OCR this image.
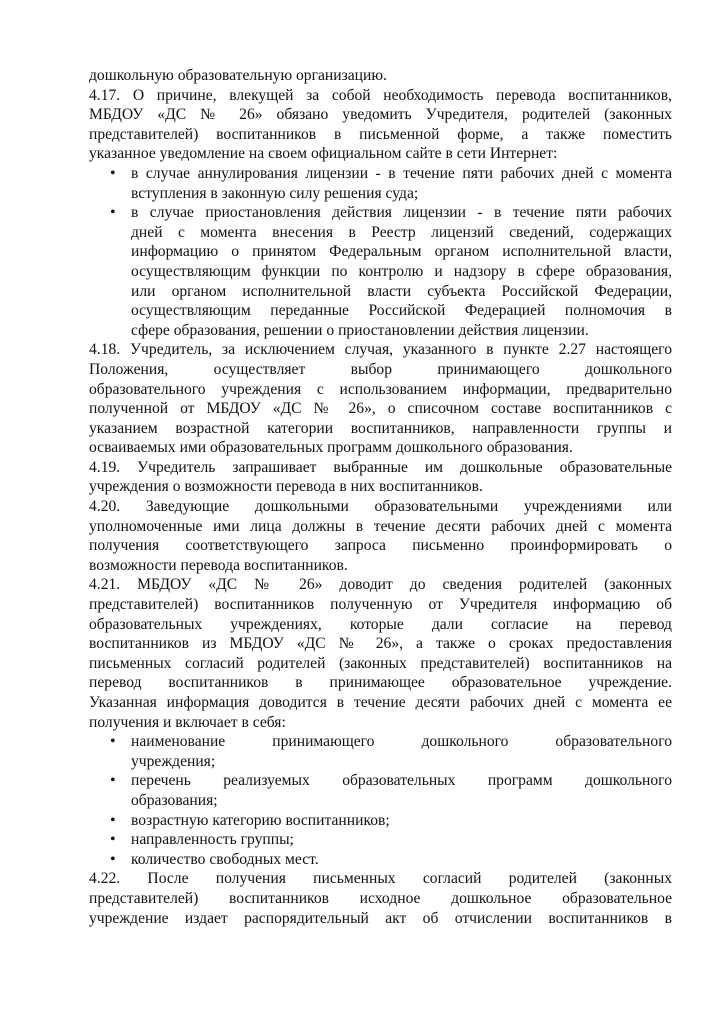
дошкольную образовательную организацию.

4.17. О причине, влекущей за собой необходимость перевода воспитанников,

МБДОУ «ДС № 26» обязано уведомить Учредителя, родителей (законных

представителей) воспитанников в письменной форме, а также поместить

указанное уведомление на своем официальном сайте в сети Интернет:

• в случае аннулирования лицензии - в течение пяти рабочих дней с момента

вступления в законную силу решения суда;

• в случае приостановления действия лицензии - в течение пяти рабочих

дней с момента внесения в Реестр лицензий сведений, содержащих

информацию о принятом Федеральным органом исполнительной власти,

осуществляющим функции по контролю и надзору в сфере образования,

или органом исполнительной власти субъекта Российской Федерации,

осуществляющим переданные Российской Федерацией полномочия в

сфере образования, решении о приостановлении действия лицензии.

4.18. Учредитель, за исключением случая, указанного в пункте 2.27 настоящего

Положения, осуществляет выбор принимающего дошкольного

образовательного учреждения с использованием информации, предварительно

полученной от МБДОУ «ДС № 26», о списочном составе воспитанников с

указанием возрастной категории воспитанников, направленности группы и

осваиваемых ими образовательных программ дошкольного образования.

4.19. Учредитель запрашивает выбранные им дошкольные образовательные

учреждения о возможности перевода в них воспитанников.

4.20. Заведующие дошкольными образовательными учреждениями или

уполномоченные ими лица должны в течение десяти рабочих дней с момента

получения соответствующего запроса письменно проинформировать о

возможности перевода воспитанников.

4.21. МБДОУ «ДС № 26» доводит до сведения родителей (законных

представителей) воспитанников полученную от Учредителя информацию об

образовательных учреждениях, которые дали согласие на перевод

воспитанников из МБДОУ «ДС № 26», а также о сроках предоставления

письменных согласий родителей (законных представителей) воспитанников на

перевод воспитанников в принимающее образовательное учреждение.

Указанная информация доводится в течение десяти рабочих дней с момента ее

получения и включает в себя:

• наименование принимающего дошкольного образовательного

учреждения;

• перечень реализуемых образовательных программ дошкольного

образования;

• возрастную категорию воспитанников;

• направленность группы;

• количество свободных мест.

4.22. После получения письменных согласий родителей (законных

представителей) воспитанников исходное дошкольное образовательное

учреждение издает распорядительный акт об отчислении воспитанников в
